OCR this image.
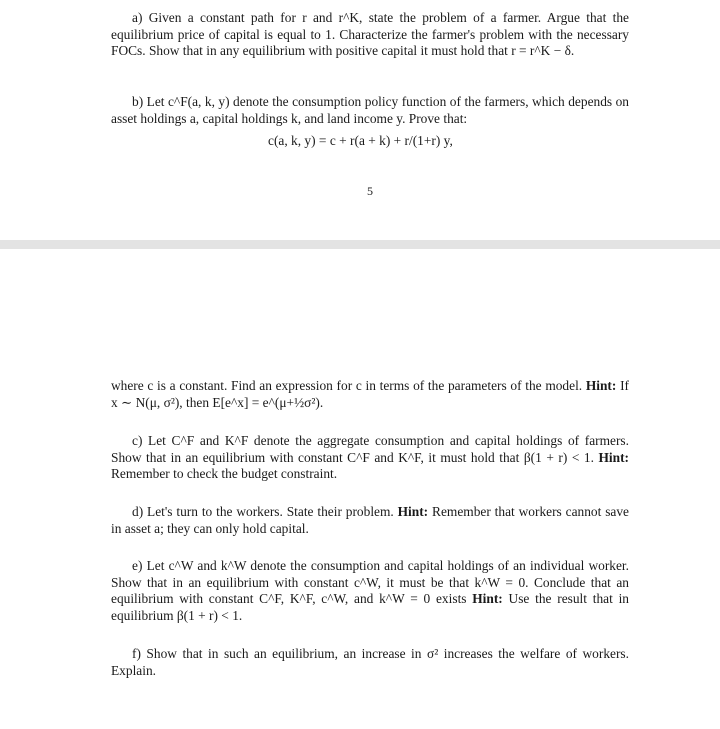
a) Given a constant path for r and r^K, state the problem of a farmer. Argue that the equilibrium price of capital is equal to 1. Characterize the farmer's problem with the necessary FOCs. Show that in any equilibrium with positive capital it must hold that r = r^K − δ.

b) Let c^F(a, k, y) denote the consumption policy function of the farmers, which depends on asset holdings a, capital holdings k, and land income y. Prove that:

c(a, k, y) = c + r(a + k) + r/(1+r) y,
5
where c is a constant. Find an expression for c in terms of the parameters of the model. Hint: If x ∼ N(μ, σ²), then E[e^x] = e^(μ+½σ²).
c) Let C^F and K^F denote the aggregate consumption and capital holdings of farmers. Show that in an equilibrium with constant C^F and K^F, it must hold that β(1 + r) < 1. Hint: Remember to check the budget constraint.
d) Let's turn to the workers. State their problem. Hint: Remember that workers cannot save in asset a; they can only hold capital.
e) Let c^W and k^W denote the consumption and capital holdings of an individual worker. Show that in an equilibrium with constant c^W, it must be that k^W = 0. Conclude that an equilibrium with constant C^F, K^F, c^W, and k^W = 0 exists Hint: Use the result that in equilibrium β(1 + r) < 1.
f) Show that in such an equilibrium, an increase in σ² increases the welfare of workers. Explain.
